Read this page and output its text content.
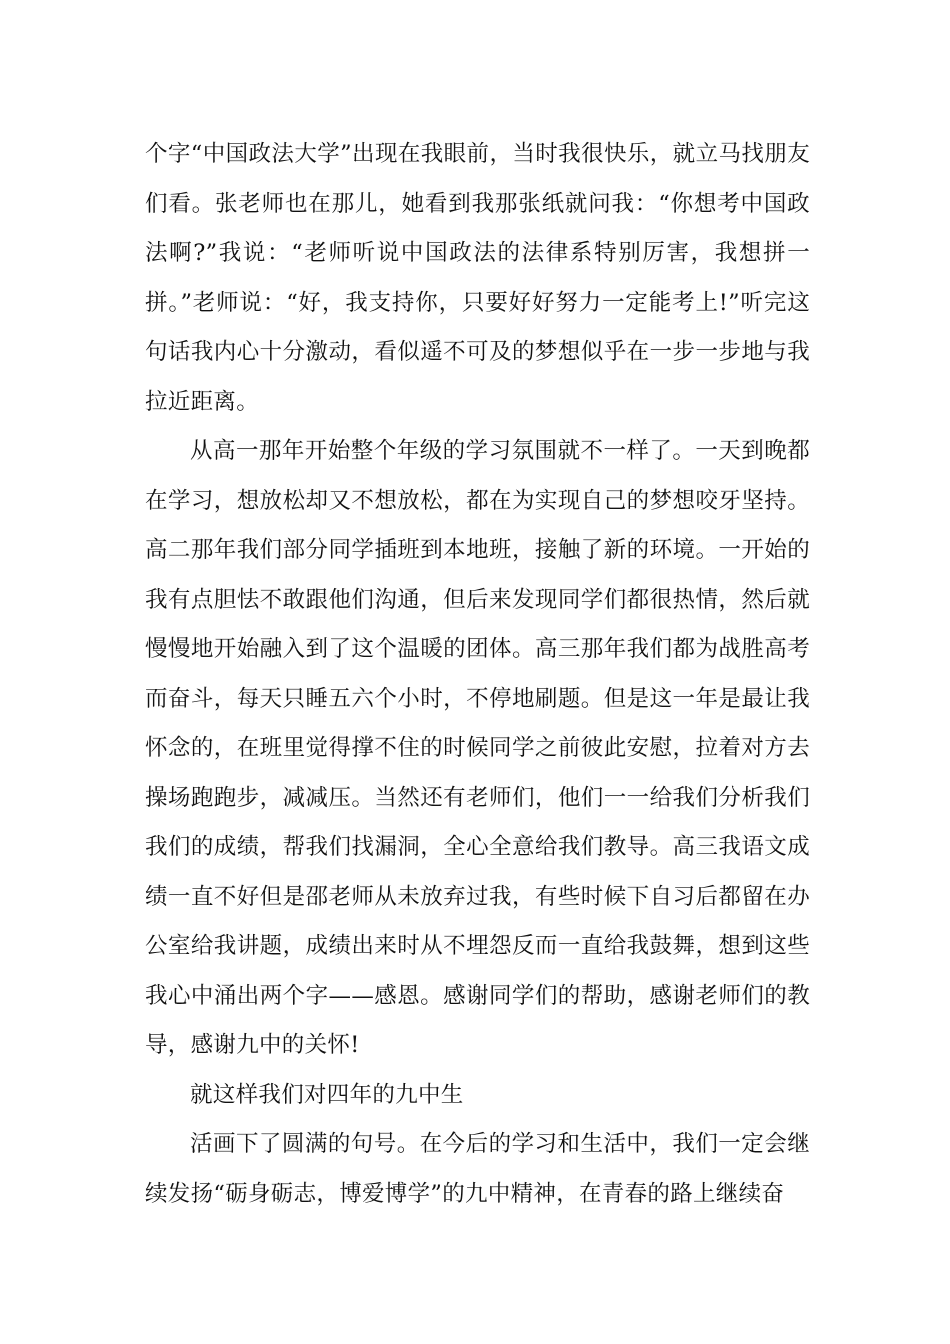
个字“中国政法大学”出现在我眼前，当时我很快乐，就立马找朋友们看。张老师也在那儿，她看到我那张纸就问我：“你想考中国政法啊?”我说：“老师听说中国政法的法律系特别厉害，我想拼一拼。”老师说：“好，我支持你，只要好好努力一定能考上!”听完这句话我内心十分激动，看似遥不可及的梦想似乎在一步一步地与我拉近距离。

从高一那年开始整个年级的学习氛围就不一样了。一天到晚都在学习，想放松却又不想放松，都在为实现自己的梦想咬牙坚持。高二那年我们部分同学插班到本地班，接触了新的环境。一开始的我有点胆怯不敢跟他们沟通，但后来发现同学们都很热情，然后就慢慢地开始融入到了这个温暖的团体。高三那年我们都为战胜高考而奋斗，每天只睡五六个小时，不停地刷题。但是这一年是最让我怀念的，在班里觉得撑不住的时候同学之前彼此安慰，拉着对方去操场跑跑步，减减压。当然还有老师们，他们一一给我们分析我们我们的成绩，帮我们找漏洞，全心全意给我们教导。高三我语文成绩一直不好但是邵老师从未放弃过我，有些时候下自习后都留在办公室给我讲题，成绩出来时从不埋怨反而一直给我鼓舞，想到这些我心中涌出两个字——感恩。感谢同学们的帮助，感谢老师们的教导，感谢九中的关怀!

就这样我们对四年的九中生

活画下了圆满的句号。在今后的学习和生活中，我们一定会继续发扬“砺身砺志，博爱博学”的九中精神，在青春的路上继续奋
